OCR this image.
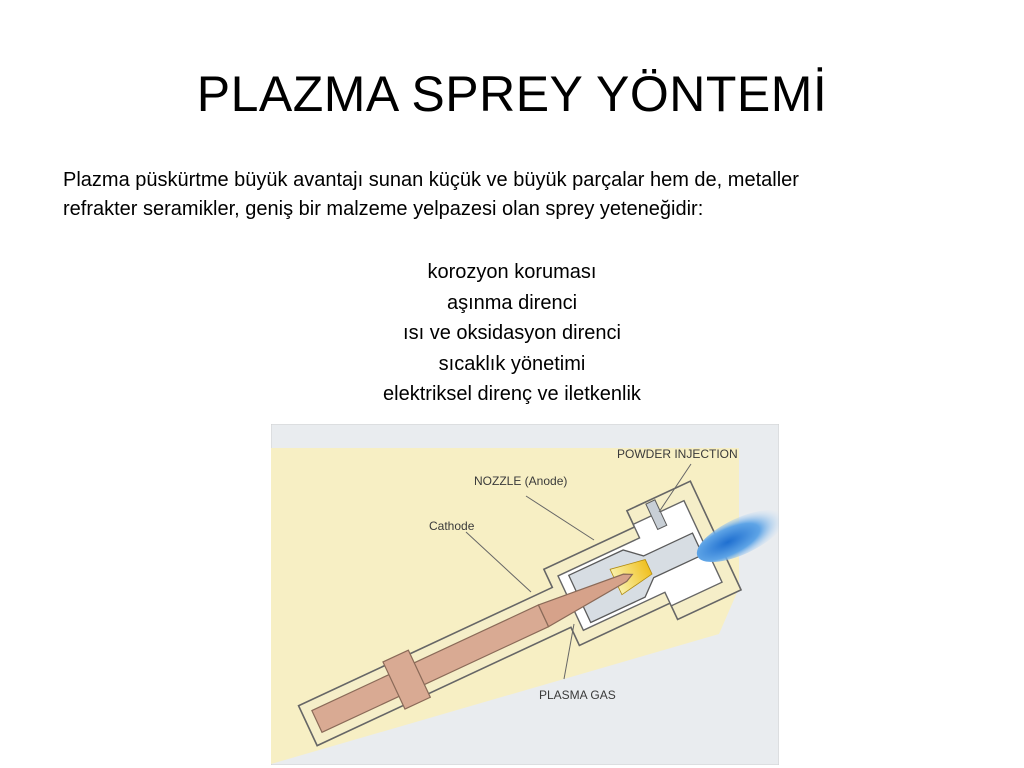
PLAZMA SPREY YÖNTEMİ
Plazma püskürtme büyük avantajı sunan küçük ve büyük parçalar hem de, metaller
refrakter seramikler, geniş bir malzeme yelpazesi olan sprey yeteneğidir:
korozyon koruması
aşınma direnci
ısı ve oksidasyon direnci
sıcaklık yönetimi
elektriksel direnç ve iletkenlik
POWDER INJECTION
NOZZLE (Anode)
Cathode
PLASMA GAS
